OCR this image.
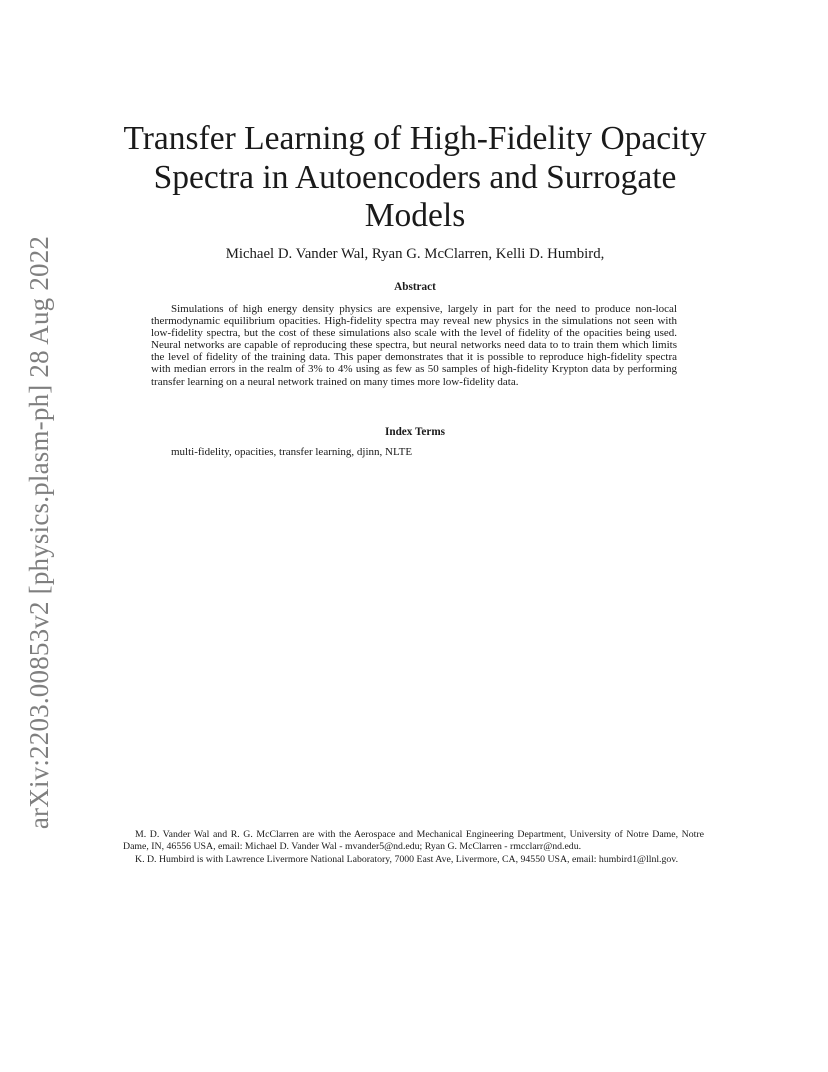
arXiv:2203.00853v2 [physics.plasm-ph] 28 Aug 2022
Transfer Learning of High-Fidelity Opacity Spectra in Autoencoders and Surrogate Models
Michael D. Vander Wal, Ryan G. McClarren, Kelli D. Humbird,
Abstract

Simulations of high energy density physics are expensive, largely in part for the need to produce non-local thermodynamic equilibrium opacities. High-fidelity spectra may reveal new physics in the simulations not seen with low-fidelity spectra, but the cost of these simulations also scale with the level of fidelity of the opacities being used. Neural networks are capable of reproducing these spectra, but neural networks need data to to train them which limits the level of fidelity of the training data. This paper demonstrates that it is possible to reproduce high-fidelity spectra with median errors in the realm of 3% to 4% using as few as 50 samples of high-fidelity Krypton data by performing transfer learning on a neural network trained on many times more low-fidelity data.

Index Terms
multi-fidelity, opacities, transfer learning, djinn, NLTE

M. D. Vander Wal and R. G. McClarren are with the Aerospace and Mechanical Engineering Department, University of Notre Dame, Notre Dame, IN, 46556 USA, email: Michael D. Vander Wal - mvander5@nd.edu; Ryan G. McClarren - rmcclarr@nd.edu.

K. D. Humbird is with Lawrence Livermore National Laboratory, 7000 East Ave, Livermore, CA, 94550 USA, email: humbird1@llnl.gov.
